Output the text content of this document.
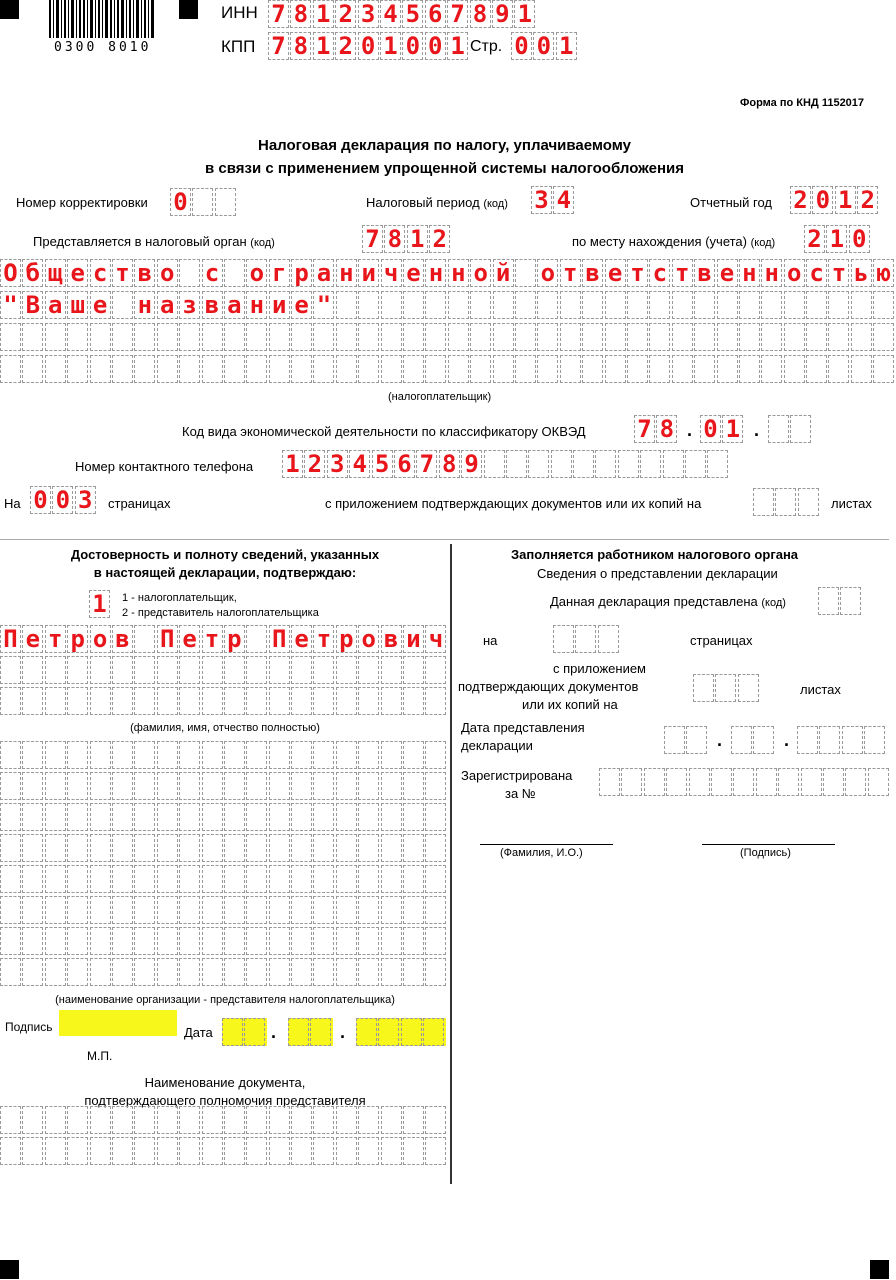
0300 8010
ИНН 7 8 1 2 3 4 5 6 7 8 9 1
КПП 7 8 1 2 0 1 0 0 1 Стр. 0 0 1
Форма по КНД 1152017
Налоговая декларация по налогу, уплачиваемому
в связи с применением упрощенной системы налогообложения
Номер корректировки 0	Налоговый период (код) 3 4	Отчетный год 2 0 1 2
Представляется в налоговый орган (код)	7 8 1 2	по месту нахождения (учета) (код) 2 1 0
О б щ е с т в о с о г р а н и ч е н н о й о т в е т с т в е н н о с т ь ю
" В а ш е н а з в а н и е "
(налогоплательщик)
Код вида экономической деятельности по классификатору ОКВЭД 7 8 . 0 1 .
Номер контактного телефона 1 2 3 4 5 6 7 8 9
На 0 0 3 страницах	с приложением подтверждающих документов или их копий на	листах
Достоверность и полноту сведений, указанных
в настоящей декларации, подтверждаю:
1 1 - налогоплательщик,
2 - представитель налогоплательщика
П е т р о в П е т р П е т р о в и ч
(фамилия, имя, отчество полностью)
(наименование организации - представителя налогоплательщика)
Подпись	Дата	.	.
М.П.
Наименование документа,
подтверждающего полномочия представителя
Заполняется работником налогового органа
Сведения о представлении декларации
Данная декларация представлена (код)
на	страницах
с приложением
подтверждающих документов
или их копий на
листах
Дата представления
декларации	.	.
Зарегистрирована
за №
(Фамилия, И.О.)	(Подпись)
